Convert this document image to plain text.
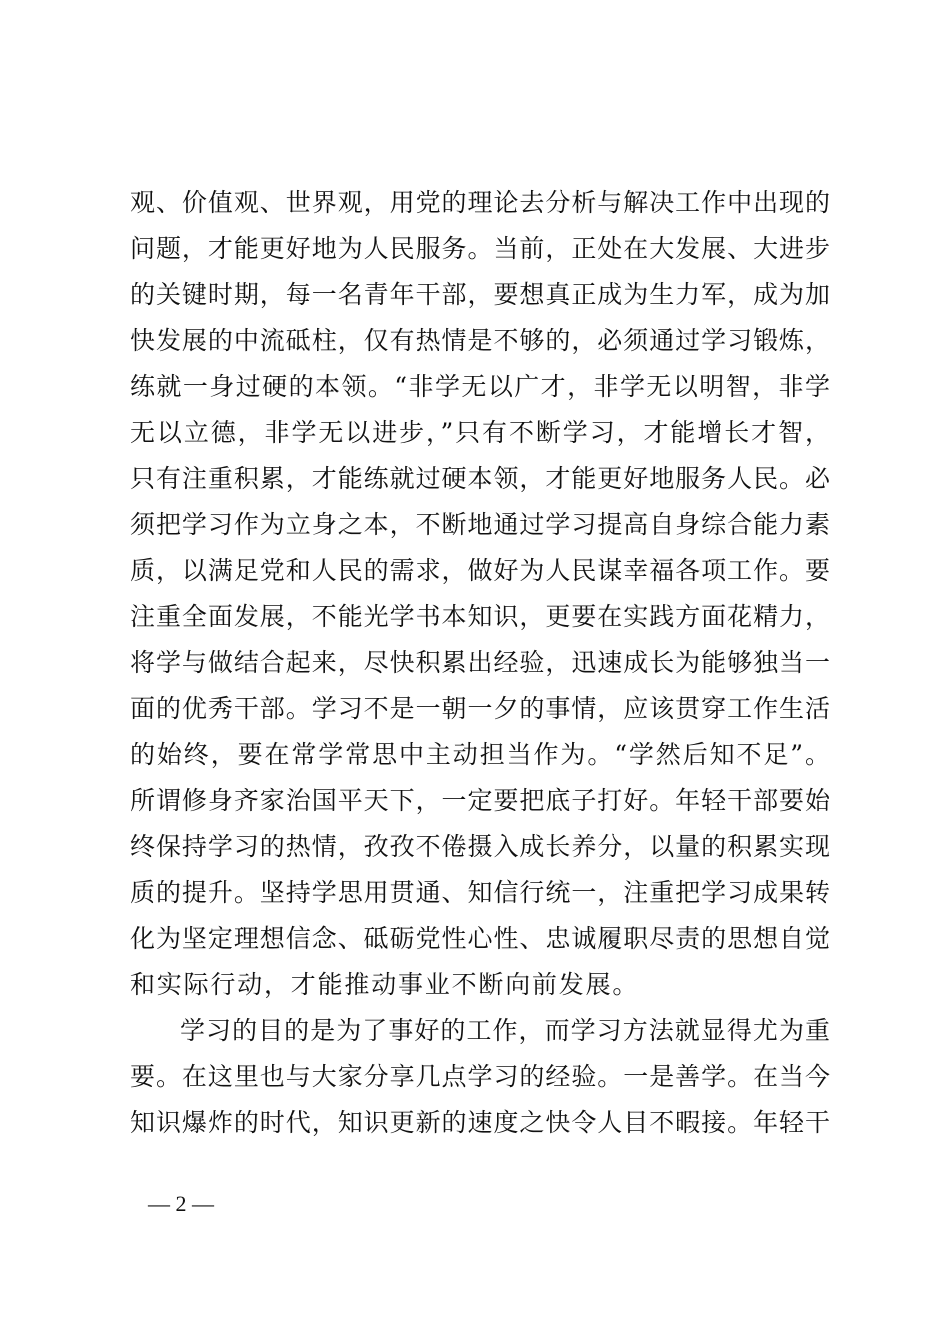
观、价值观、世界观，用党的理论去分析与解决工作中出现的
问题，才能更好地为人民服务。当前，正处在大发展、大进步
的关键时期，每一名青年干部，要想真正成为生力军，成为加
快发展的中流砥柱，仅有热情是不够的，必须通过学习锻炼，
练就一身过硬的本领。“非学无以广才，非学无以明智，非学
无以立德，非学无以进步，”只有不断学习，才能增长才智，
只有注重积累，才能练就过硬本领，才能更好地服务人民。必
须把学习作为立身之本，不断地通过学习提高自身综合能力素
质，以满足党和人民的需求，做好为人民谋幸福各项工作。要
注重全面发展，不能光学书本知识，更要在实践方面花精力，
将学与做结合起来，尽快积累出经验，迅速成长为能够独当一
面的优秀干部。学习不是一朝一夕的事情，应该贯穿工作生活
的始终，要在常学常思中主动担当作为。“学然后知不足”。
所谓修身齐家治国平天下，一定要把底子打好。年轻干部要始
终保持学习的热情，孜孜不倦摄入成长养分，以量的积累实现
质的提升。坚持学思用贯通、知信行统一，注重把学习成果转
化为坚定理想信念、砥砺党性心性、忠诚履职尽责的思想自觉
和实际行动，才能推动事业不断向前发展。
学习的目的是为了事好的工作，而学习方法就显得尤为重
要。在这里也与大家分享几点学习的经验。一是善学。在当今
知识爆炸的时代，知识更新的速度之快令人目不暇接。年轻干
— 2 —
